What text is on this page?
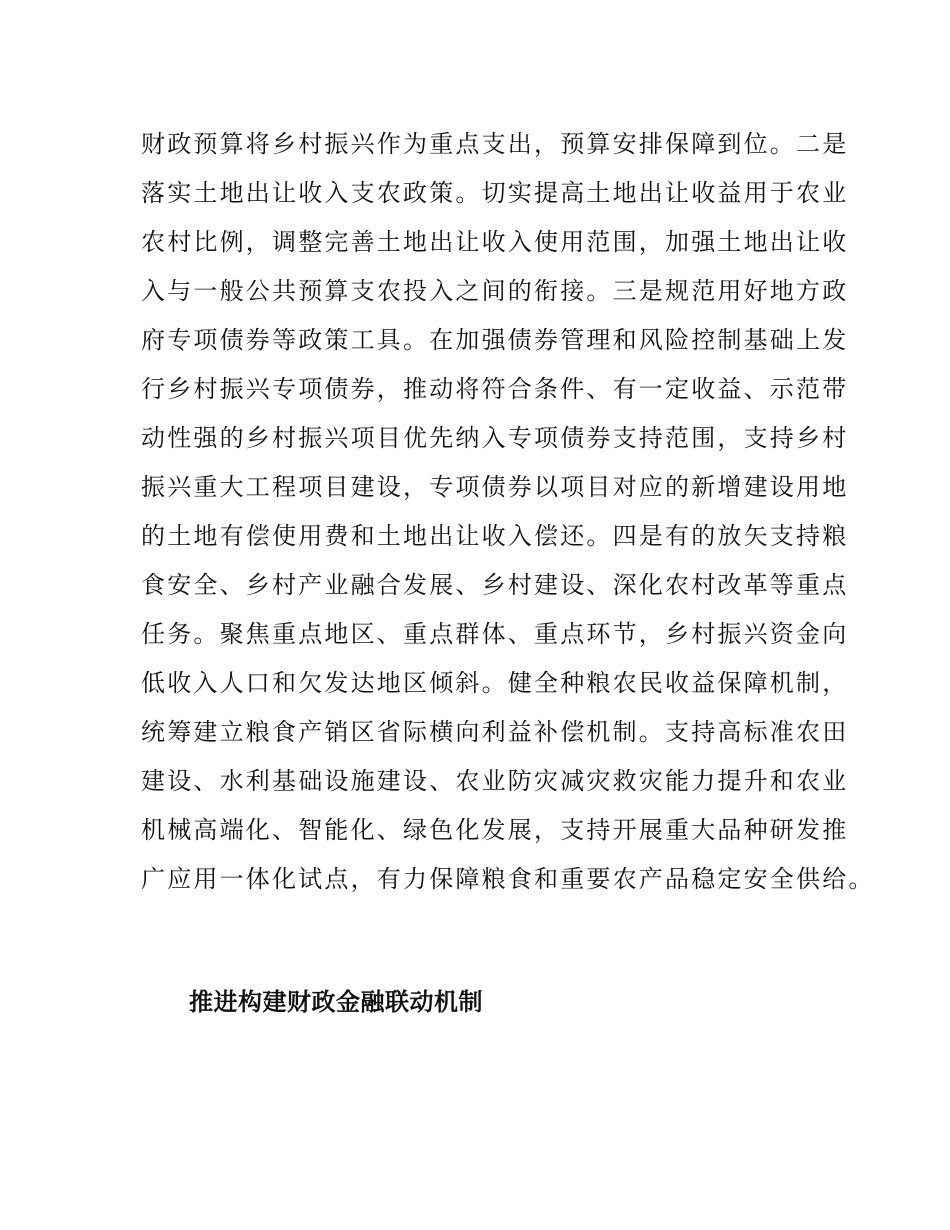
财政预算将乡村振兴作为重点支出，预算安排保障到位。二是
落实土地出让收入支农政策。切实提高土地出让收益用于农业
农村比例，调整完善土地出让收入使用范围，加强土地出让收
入与一般公共预算支农投入之间的衔接。三是规范用好地方政
府专项债券等政策工具。在加强债券管理和风险控制基础上发
行乡村振兴专项债券，推动将符合条件、有一定收益、示范带
动性强的乡村振兴项目优先纳入专项债券支持范围，支持乡村
振兴重大工程项目建设，专项债券以项目对应的新增建设用地
的土地有偿使用费和土地出让收入偿还。四是有的放矢支持粮
食安全、乡村产业融合发展、乡村建设、深化农村改革等重点
任务。聚焦重点地区、重点群体、重点环节，乡村振兴资金向
低收入人口和欠发达地区倾斜。健全种粮农民收益保障机制，
统筹建立粮食产销区省际横向利益补偿机制。支持高标准农田
建设、水利基础设施建设、农业防灾减灾救灾能力提升和农业
机械高端化、智能化、绿色化发展，支持开展重大品种研发推
广应用一体化试点，有力保障粮食和重要农产品稳定安全供给。
推进构建财政金融联动机制
